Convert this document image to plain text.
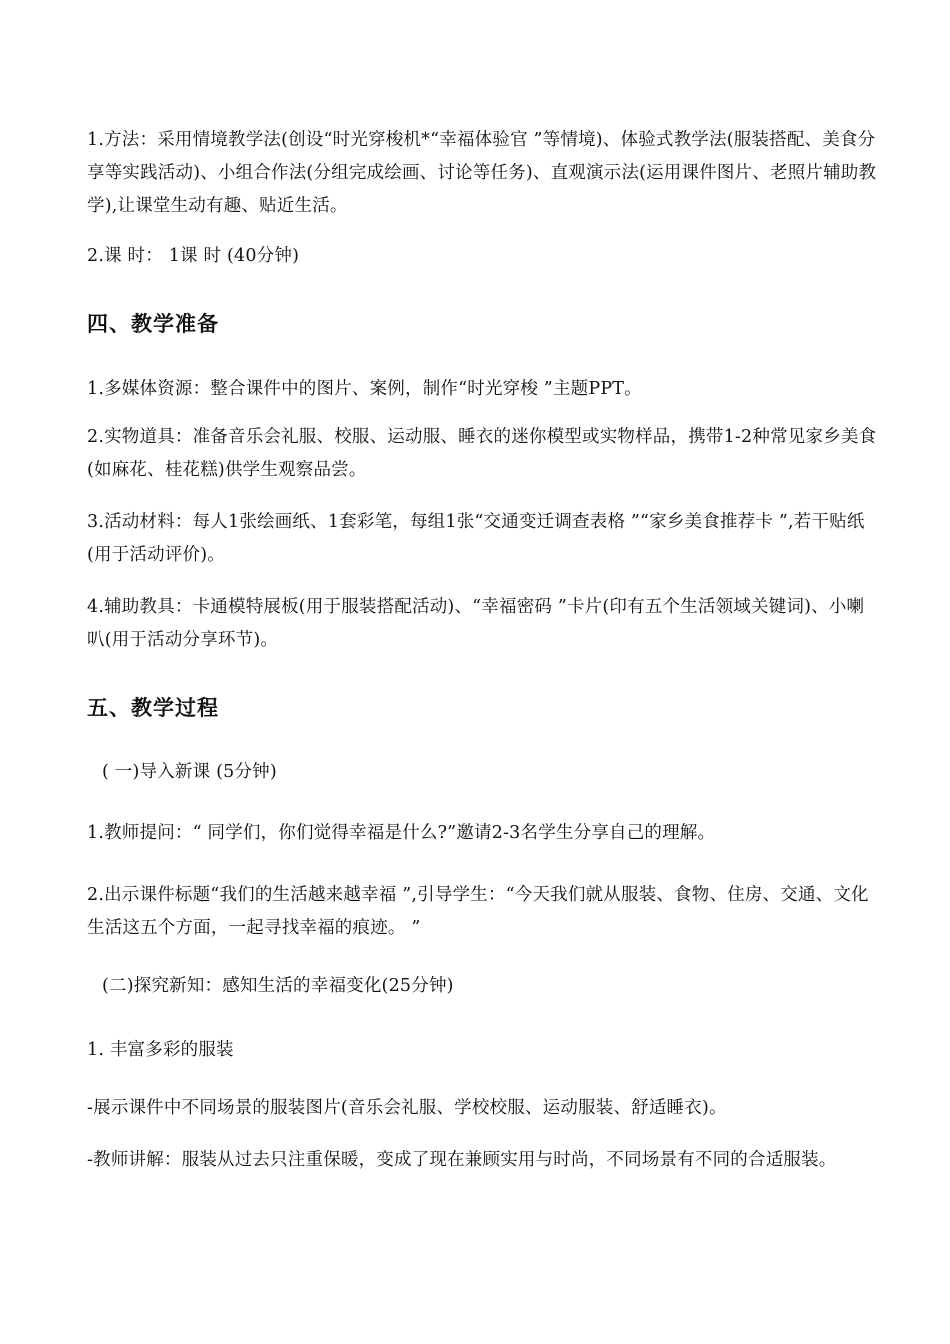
1.方法：采用情境教学法(创设“时光穿梭机*“幸福体验官 ”等情境)、体验式教学法(服装搭配、美食分享等实践活动)、小组合作法(分组完成绘画、讨论等任务)、直观演示法(运用课件图片、老照片辅助教学),让课堂生动有趣、贴近生活。

2.课 时： 1课 时 (40分钟)

四、教学准备

1.多媒体资源：整合课件中的图片、案例，制作“时光穿梭 ”主题PPT。

2.实物道具：准备音乐会礼服、校服、运动服、睡衣的迷你模型或实物样品，携带1-2种常见家乡美食(如麻花、桂花糕)供学生观察品尝。

3.活动材料：每人1张绘画纸、1套彩笔，每组1张“交通变迁调查表格 ”“家乡美食推荐卡 ”,若干贴纸(用于活动评价)。

4.辅助教具：卡通模特展板(用于服装搭配活动)、“幸福密码 ”卡片(印有五个生活领域关键词)、小喇叭(用于活动分享环节)。

五、教学过程

( 一)导入新课 (5分钟)

1.教师提问：“ 同学们，你们觉得幸福是什么?”邀请2-3名学生分享自己的理解。

2.出示课件标题“我们的生活越来越幸福 ”,引导学生：“今天我们就从服装、食物、住房、交通、文化生活这五个方面，一起寻找幸福的痕迹。 ”

(二)探究新知：感知生活的幸福变化(25分钟)

1. 丰富多彩的服装

-展示课件中不同场景的服装图片(音乐会礼服、学校校服、运动服装、舒适睡衣)。

-教师讲解：服装从过去只注重保暖，变成了现在兼顾实用与时尚，不同场景有不同的合适服装。
